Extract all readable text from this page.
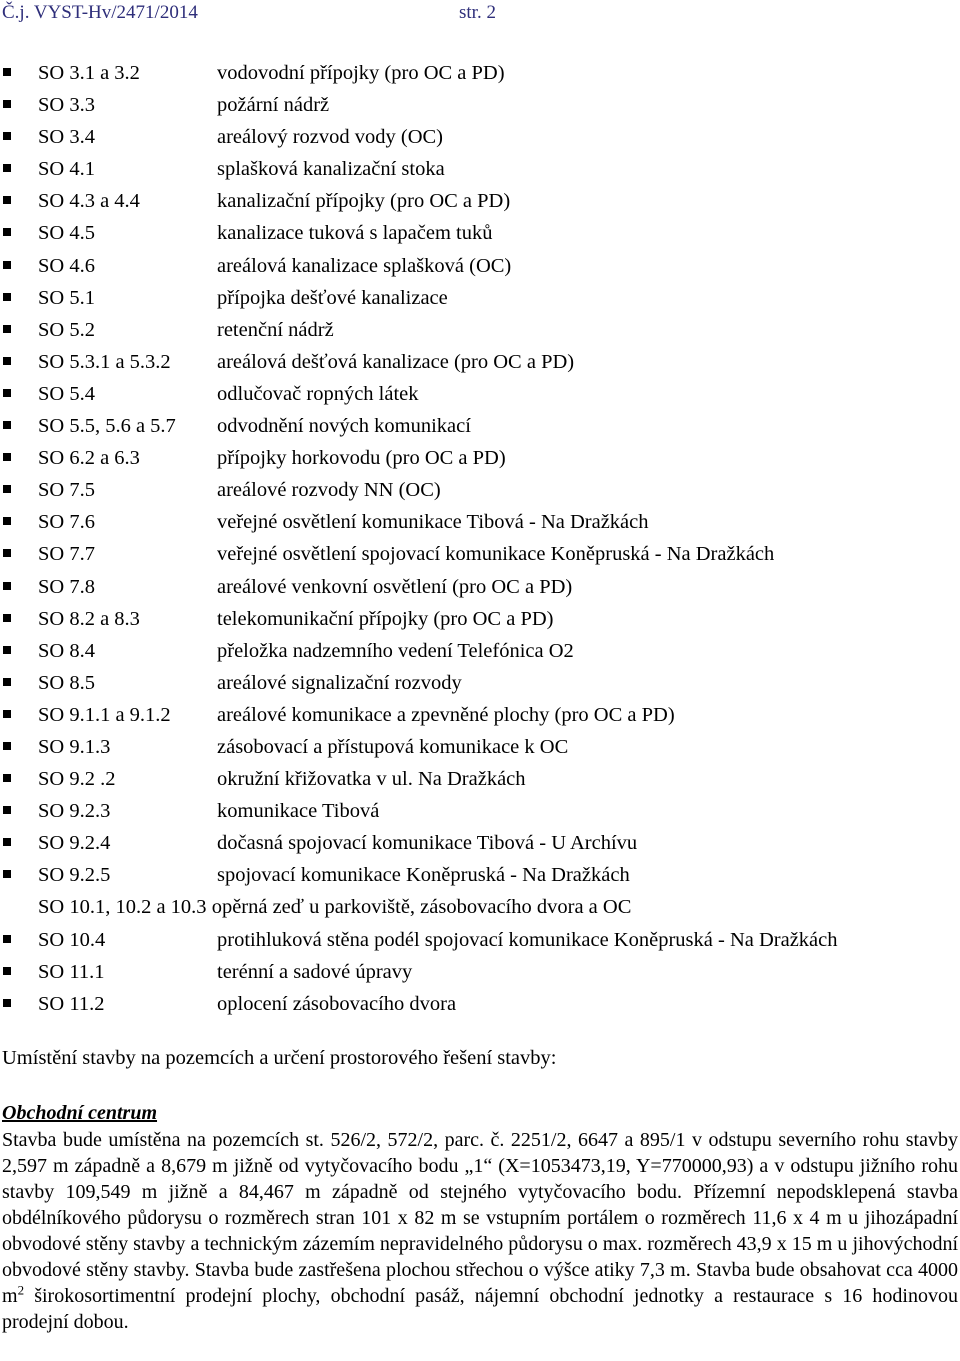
Č.j. VYST-Hv/2471/2014	str. 2
SO 3.1 a 3.2	vodovodní přípojky (pro OC a PD)
SO 3.3	požární nádrž
SO 3.4	areálový rozvod vody (OC)
SO 4.1	splašková kanalizační stoka
SO 4.3 a 4.4	kanalizační přípojky (pro OC a PD)
SO 4.5	kanalizace tuková s lapačem tuků
SO 4.6	areálová kanalizace splašková (OC)
SO 5.1	přípojka dešťové kanalizace
SO 5.2	retenční nádrž
SO 5.3.1 a 5.3.2 areálová dešťová kanalizace (pro OC a PD)
SO 5.4	odlučovač ropných látek
SO 5.5, 5.6 a 5.7 odvodnění nových komunikací
SO 6.2 a 6.3	přípojky horkovodu (pro OC a PD)
SO 7.5	areálové rozvody NN (OC)
SO 7.6	veřejné osvětlení komunikace Tibová - Na Dražkách
SO 7.7	veřejné osvětlení spojovací komunikace Koněpruská - Na Dražkách
SO 7.8	areálové venkovní osvětlení (pro OC a PD)
SO 8.2 a 8.3	telekomunikační přípojky (pro OC a PD)
SO 8.4	přeložka nadzemního vedení Telefónica O2
SO 8.5	areálové signalizační rozvody
SO 9.1.1 a 9.1.2 areálové komunikace a zpevněné plochy (pro OC a PD)
SO 9.1.3	zásobovací a přístupová komunikace k OC
SO 9.2 .2	okružní křižovatka v ul. Na Dražkách
SO 9.2.3	komunikace Tibová
SO 9.2.4	dočasná spojovací komunikace Tibová - U Archívu
SO 9.2.5	spojovací komunikace Koněpruská - Na Dražkách
SO 10.1, 10.2 a 10.3 opěrná zeď u parkoviště, zásobovacího dvora a OC
SO 10.4	protihluková stěna podél spojovací komunikace Koněpruská - Na Dražkách
SO 11.1	terénní a sadové úpravy
SO 11.2	oplocení zásobovacího dvora
Umístění stavby na pozemcích a určení prostorového řešení stavby:
Obchodní centrum
Stavba bude umístěna na pozemcích st. 526/2, 572/2, parc. č. 2251/2, 6647 a 895/1 v odstupu severního rohu stavby 2,597 m západně a 8,679 m jižně od vytyčovacího bodu „1“ (X=1053473,19, Y=770000,93) a v odstupu jižního rohu stavby 109,549 m jižně a 84,467 m západně od stejného vytyčovacího bodu. Přízemní nepodsklepená stavba obdélníkového půdorysu o rozměrech stran 101 x 82 m se vstupním portálem o rozměrech 11,6 x 4 m u jihozápadní obvodové stěny stavby a technickým zázemím nepravidelného půdorysu o max. rozměrech 43,9 x 15 m u jihovýchodní obvodové stěny stavby. Stavba bude zastřešena plochou střechou o výšce atiky 7,3 m. Stavba bude obsahovat cca 4000 $m^2$ širokosortimentní prodejní plochy, obchodní pasáž, nájemní obchodní jednotky a restaurace s 16 hodinovou prodejní dobou.
